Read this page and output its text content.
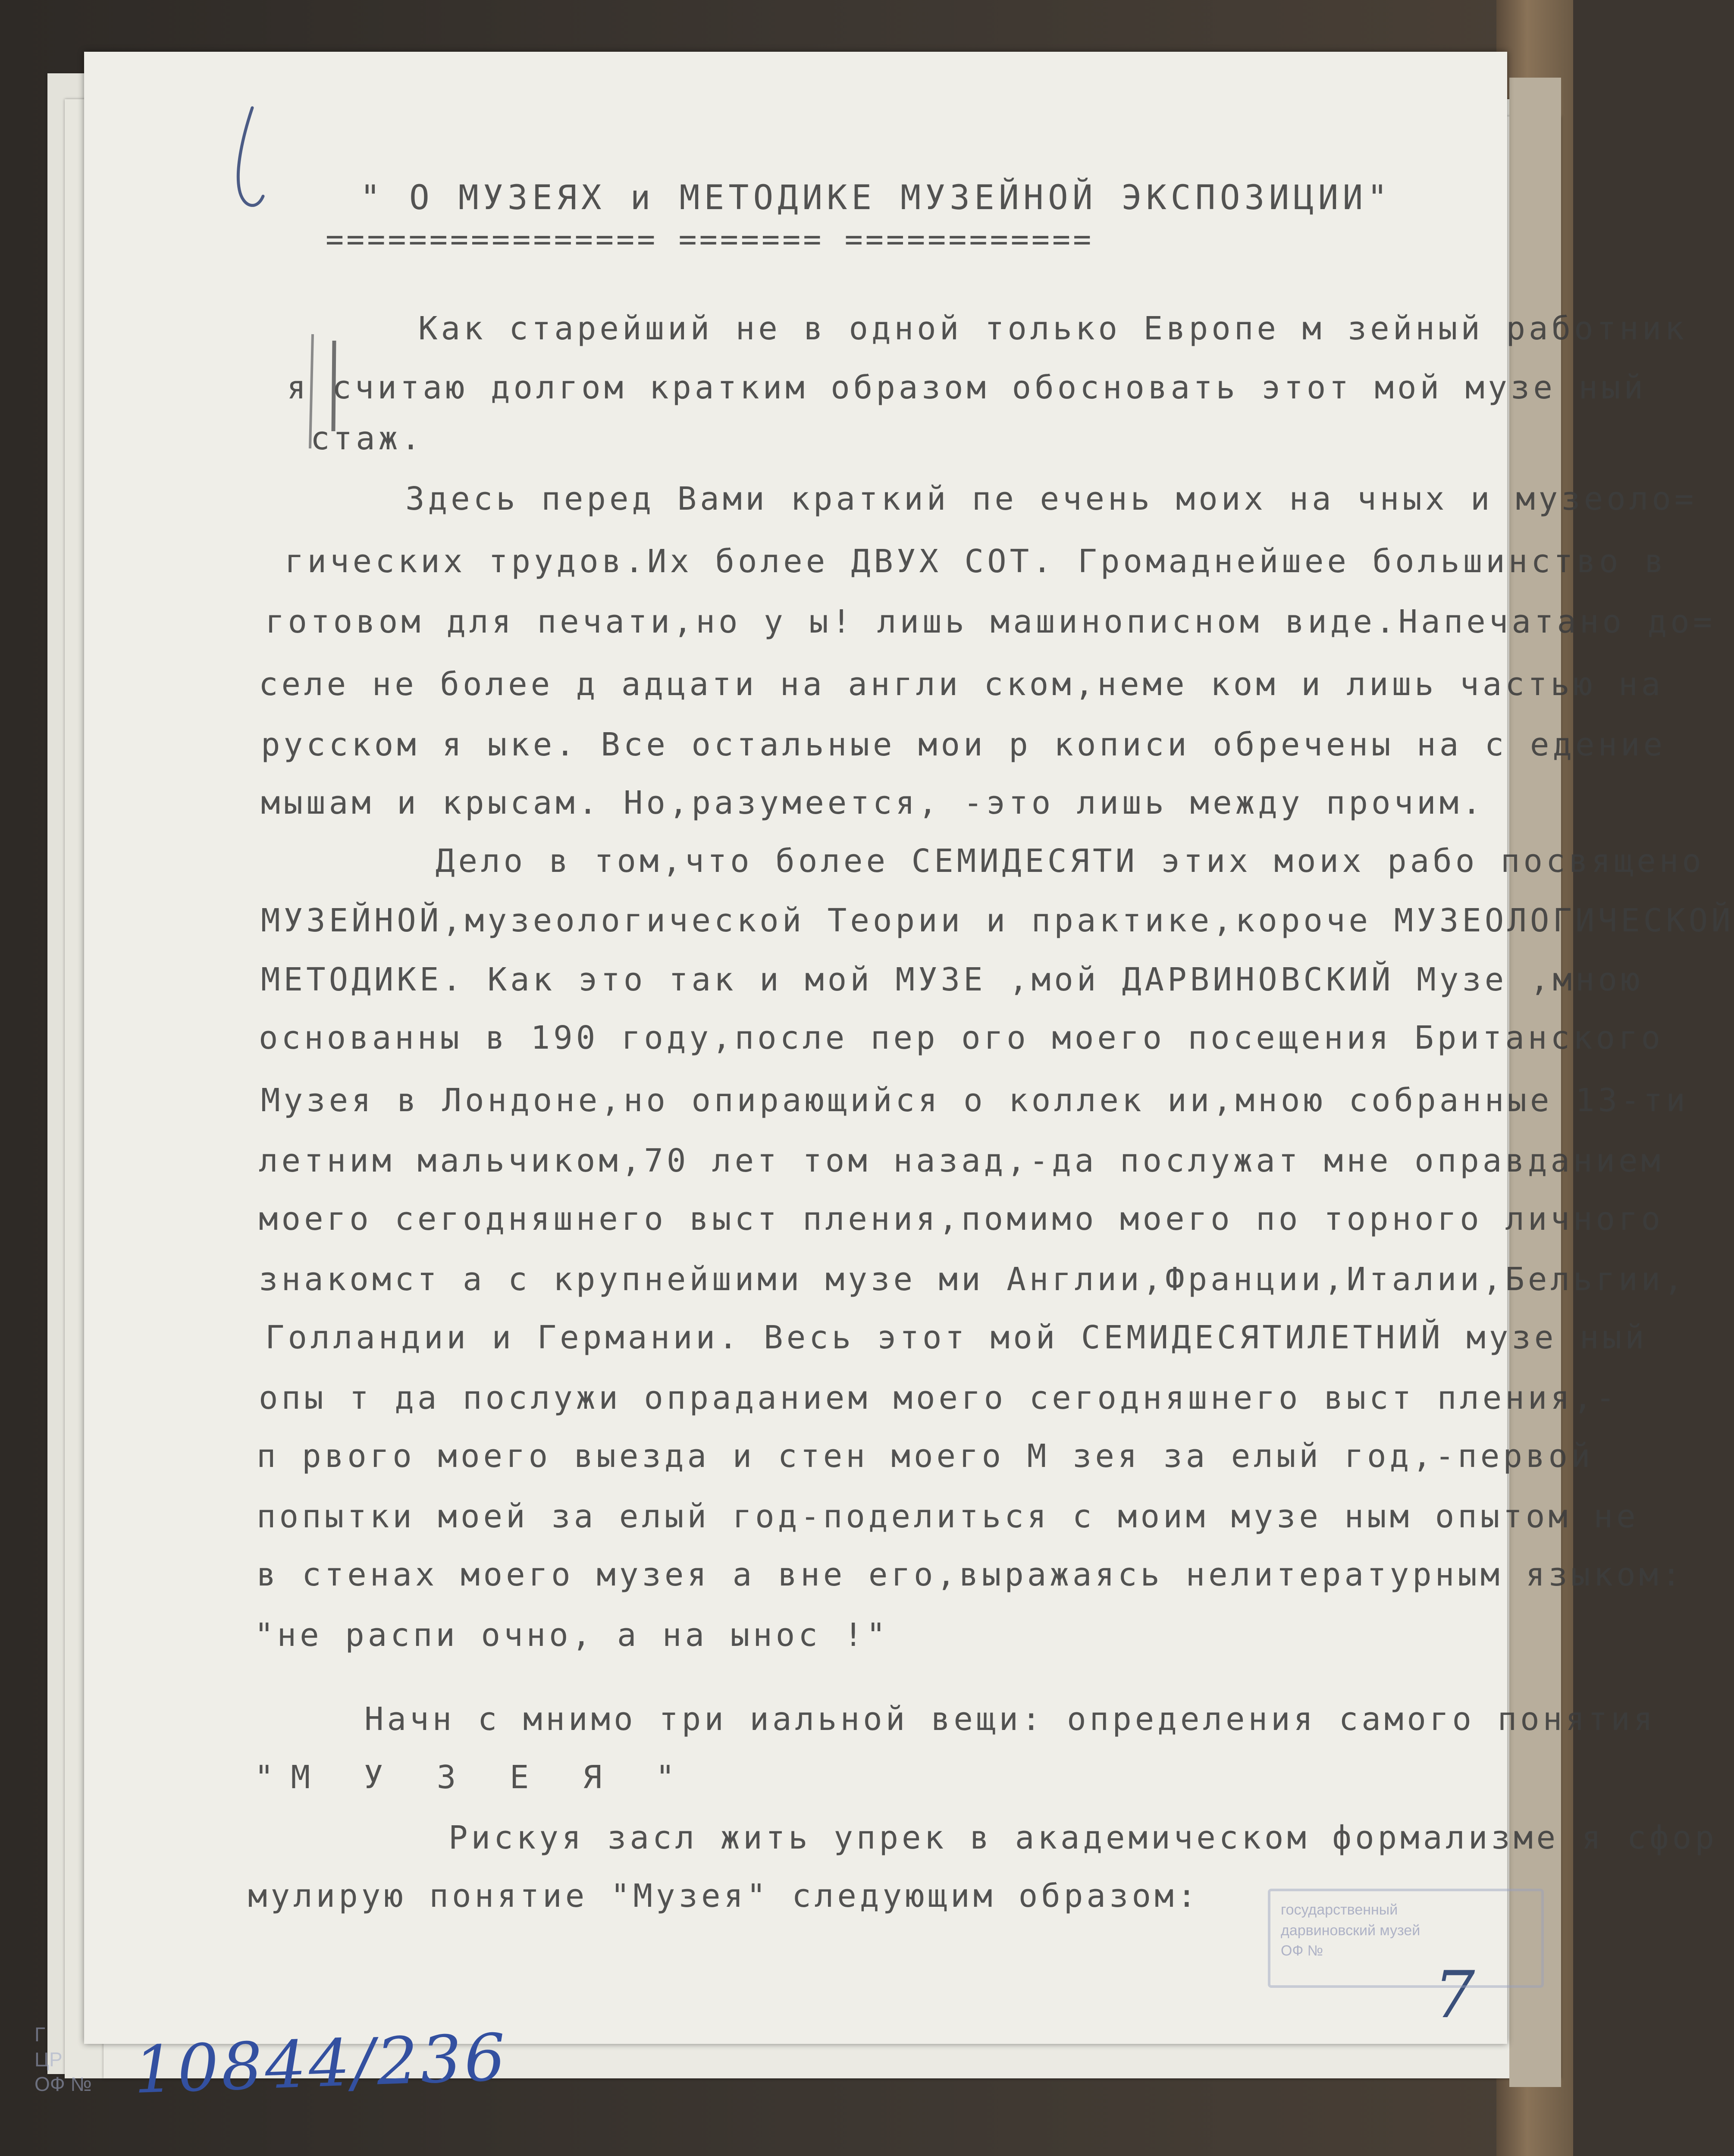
" О МУЗЕЯХ и МЕТОДИКЕ МУЗЕЙНОЙ ЭКСПОЗИЦИИ"
================ ======= ============
Как старейший не в одной только Европе м зейный работник
я считаю долгом кратким образом обосновать этот мой музе ный
стаж.
Здесь перед Вами краткий пе ечень моих на чных и музеоло=
гических трудов.Их более ДВУХ СОТ. Громаднейшее большинство в
готовом для печати,но у ы! лишь машинописном виде.Напечатано до=
селе не более д адцати на англи ском,неме ком и лишь частью на
русском я ыке. Все остальные мои р кописи обречены на с едение
мышам и крысам. Но,разумеется, -это лишь между прочим.
Дело в том,что более СЕМИДЕСЯТИ этих моих рабо посвящено
МУЗЕЙНОЙ,музеологической Теории и практике,короче МУЗЕОЛОГИЧЕСКОЙ
МЕТОДИКЕ. Как это так и мой МУЗЕ ,мой ДАРВИНОВСКИЙ Музе ,мною
основанны в 190 году,после пер ого моего посещения Британского
Музея в Лондоне,но опирающийся о коллек ии,мною собранные 13-ти
летним мальчиком,70 лет том назад,-да послужат мне оправданием
моего сегодняшнего выст пления,помимо моего по торного личного
знакомст а с крупнейшими музе ми Англии,Франции,Италии,Бельгии,
Голландии и Германии. Весь этот мой СЕМИДЕСЯТИЛЕТНИЙ музе ный
опы т да послужи опраданием моего сегодняшнего выст пления,-
п рвого моего выезда и стен моего М зея за елый год,-первой
попытки моей за елый год-поделиться с моим музе ным опытом не
в стенах моего музея а вне его,выражаясь нелитературным языком:
"не распи очно, а на ынос !"
Начн с мнимо три иальной вещи: определения самого понятия
"М У З Е Я "
Рискуя засл жить упрек в академическом формализме я сфор
мулирую понятие "Музея" следующим образом:
7
государственный
дарвиновский музей
ОФ №
Г
ЦР
ОФ № 10844/236
